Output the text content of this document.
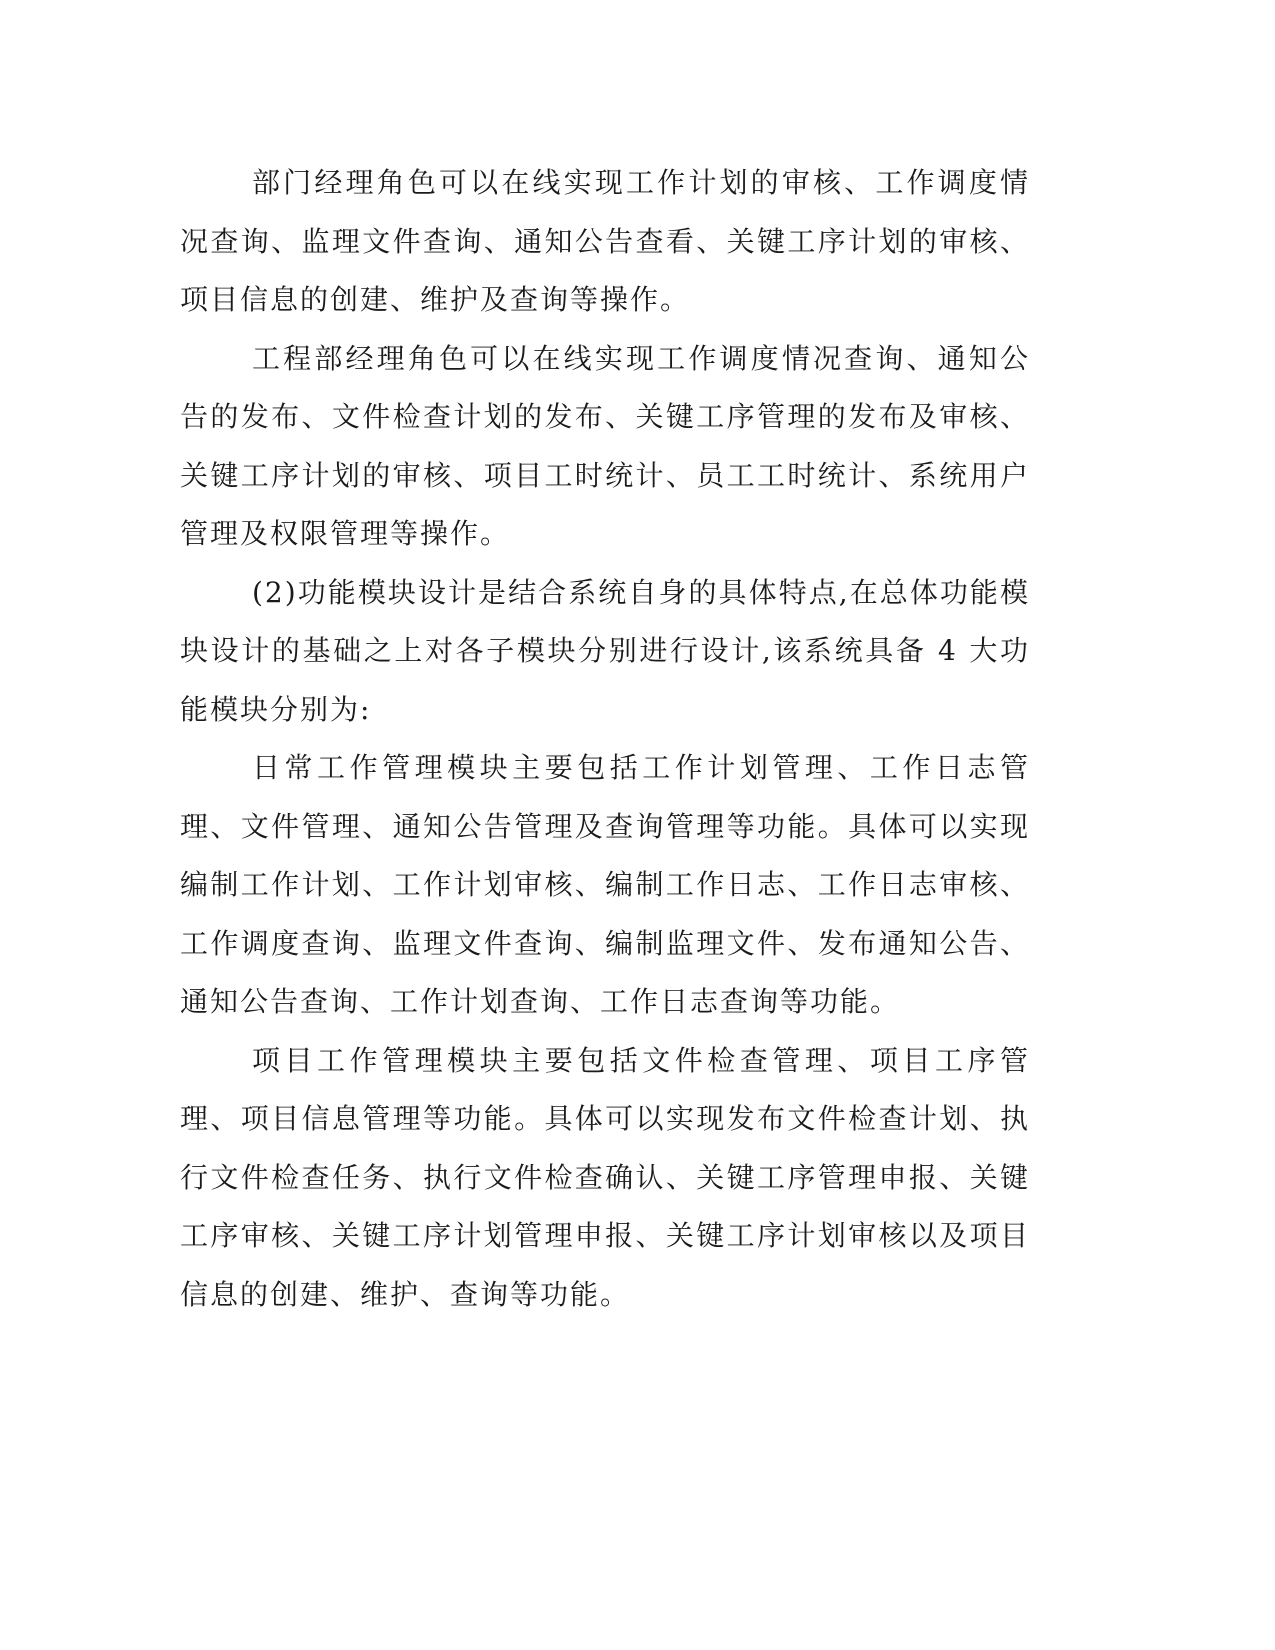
部门经理角色可以在线实现工作计划的审核、工作调度情况查询、监理文件查询、通知公告查看、关键工序计划的审核、项目信息的创建、维护及查询等操作。

工程部经理角色可以在线实现工作调度情况查询、通知公告的发布、文件检查计划的发布、关键工序管理的发布及审核、关键工序计划的审核、项目工时统计、员工工时统计、系统用户管理及权限管理等操作。

(2)功能模块设计是结合系统自身的具体特点,在总体功能模块设计的基础之上对各子模块分别进行设计,该系统具备 4 大功能模块分别为:

日常工作管理模块主要包括工作计划管理、工作日志管理、文件管理、通知公告管理及查询管理等功能。具体可以实现编制工作计划、工作计划审核、编制工作日志、工作日志审核、工作调度查询、监理文件查询、编制监理文件、发布通知公告、通知公告查询、工作计划查询、工作日志查询等功能。

项目工作管理模块主要包括文件检查管理、项目工序管理、项目信息管理等功能。具体可以实现发布文件检查计划、执行文件检查任务、执行文件检查确认、关键工序管理申报、关键工序审核、关键工序计划管理申报、关键工序计划审核以及项目信息的创建、维护、查询等功能。
